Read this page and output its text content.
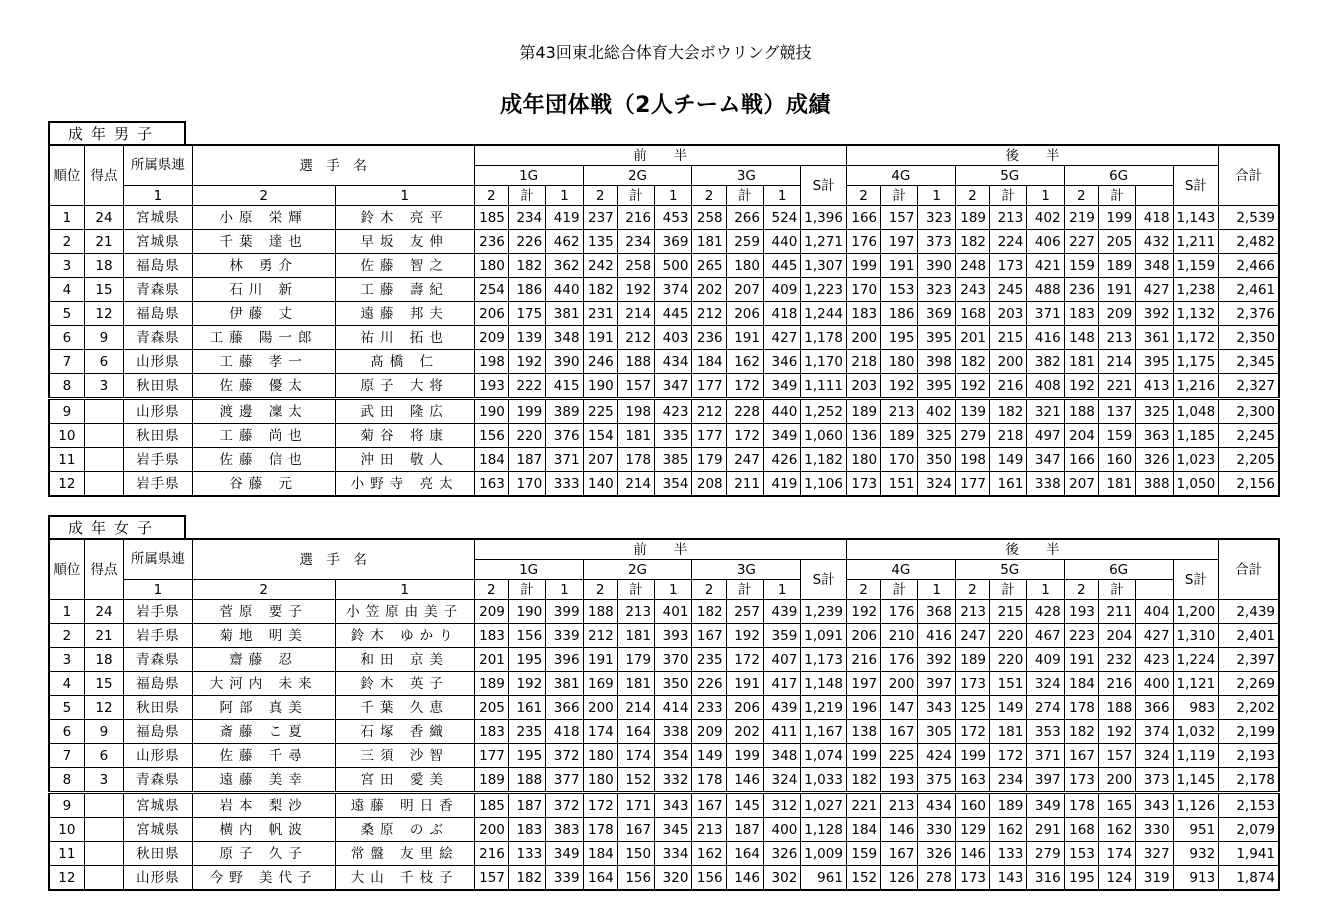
第43回東北総合体育大会ボウリング競技
成年団体戦（2人チーム戦）成績
成年男子
順位	得点	所属県連	選　手　名		前　　半										後　　半										合計
					1G			2G			3G			S計	4G			5G			6G			S計	
		1	2	1	2	計	1	2	計	1	2	計	1		2	計	1	2	計	1	2	計			
1	24	宮城県	小原 栄輝	鈴木 亮平	185	234	419	237	216	453	258	266	524	1,396	166	157	323	189	213	402	219	199	418	1,143	2,539
2	21	宮城県	千葉 達也	早坂 友伸	236	226	462	135	234	369	181	259	440	1,271	176	197	373	182	224	406	227	205	432	1,211	2,482
3	18	福島県	林 勇介	佐藤 智之	180	182	362	242	258	500	265	180	445	1,307	199	191	390	248	173	421	159	189	348	1,159	2,466
4	15	青森県	石川 新	工藤 壽紀	254	186	440	182	192	374	202	207	409	1,223	170	153	323	243	245	488	236	191	427	1,238	2,461
5	12	福島県	伊藤 丈	遠藤 邦夫	206	175	381	231	214	445	212	206	418	1,244	183	186	369	168	203	371	183	209	392	1,132	2,376
6	9	青森県	工藤 陽一郎	祐川 拓也	209	139	348	191	212	403	236	191	427	1,178	200	195	395	201	215	416	148	213	361	1,172	2,350
7	6	山形県	工藤 孝一	髙橋 仁	198	192	390	246	188	434	184	162	346	1,170	218	180	398	182	200	382	181	214	395	1,175	2,345
8	3	秋田県	佐藤 優太	原子 大将	193	222	415	190	157	347	177	172	349	1,111	203	192	395	192	216	408	192	221	413	1,216	2,327
9		山形県	渡邊 凜太	武田 隆広	190	199	389	225	198	423	212	228	440	1,252	189	213	402	139	182	321	188	137	325	1,048	2,300
10		秋田県	工藤 尚也	菊谷 将康	156	220	376	154	181	335	177	172	349	1,060	136	189	325	279	218	497	204	159	363	1,185	2,245
11		岩手県	佐藤 信也	沖田 敬人	184	187	371	207	178	385	179	247	426	1,182	180	170	350	198	149	347	166	160	326	1,023	2,205
12		岩手県	谷藤 元	小野寺 亮太	163	170	333	140	214	354	208	211	419	1,106	173	151	324	177	161	338	207	181	388	1,050	2,156
成年女子
順位	得点	所属県連	選　手　名		前　　半										後　　半										合計
					1G			2G			3G			S計	4G			5G			6G			S計	
		1	2	1	2	計	1	2	計	1	2	計	1		2	計	1	2	計	1	2	計			
1	24	岩手県	菅原 要子	小笠原由美子	209	190	399	188	213	401	182	257	439	1,239	192	176	368	213	215	428	193	211	404	1,200	2,439
2	21	岩手県	菊地 明美	鈴木 ゆかり	183	156	339	212	181	393	167	192	359	1,091	206	210	416	247	220	467	223	204	427	1,310	2,401
3	18	青森県	齋藤 忍	和田 京美	201	195	396	191	179	370	235	172	407	1,173	216	176	392	189	220	409	191	232	423	1,224	2,397
4	15	福島県	大河内 未来	鈴木 英子	189	192	381	169	181	350	226	191	417	1,148	197	200	397	173	151	324	184	216	400	1,121	2,269
5	12	秋田県	阿部 真美	千葉 久恵	205	161	366	200	214	414	233	206	439	1,219	196	147	343	125	149	274	178	188	366	983	2,202
6	9	福島県	斎藤 こ夏	石塚 香織	183	235	418	174	164	338	209	202	411	1,167	138	167	305	172	181	353	182	192	374	1,032	2,199
7	6	山形県	佐藤 千尋	三須 沙智	177	195	372	180	174	354	149	199	348	1,074	199	225	424	199	172	371	167	157	324	1,119	2,193
8	3	青森県	遠藤 美幸	宮田 愛美	189	188	377	180	152	332	178	146	324	1,033	182	193	375	163	234	397	173	200	373	1,145	2,178
9		宮城県	岩本 梨沙	遠藤 明日香	185	187	372	172	171	343	167	145	312	1,027	221	213	434	160	189	349	178	165	343	1,126	2,153
10		宮城県	横内 帆波	桑原 のぶ	200	183	383	178	167	345	213	187	400	1,128	184	146	330	129	162	291	168	162	330	951	2,079
11		秋田県	原子 久子	常盤 友里絵	216	133	349	184	150	334	162	164	326	1,009	159	167	326	146	133	279	153	174	327	932	1,941
12		山形県	今野 美代子	大山 千枝子	157	182	339	164	156	320	156	146	302	961	152	126	278	173	143	316	195	124	319	913	1,874
